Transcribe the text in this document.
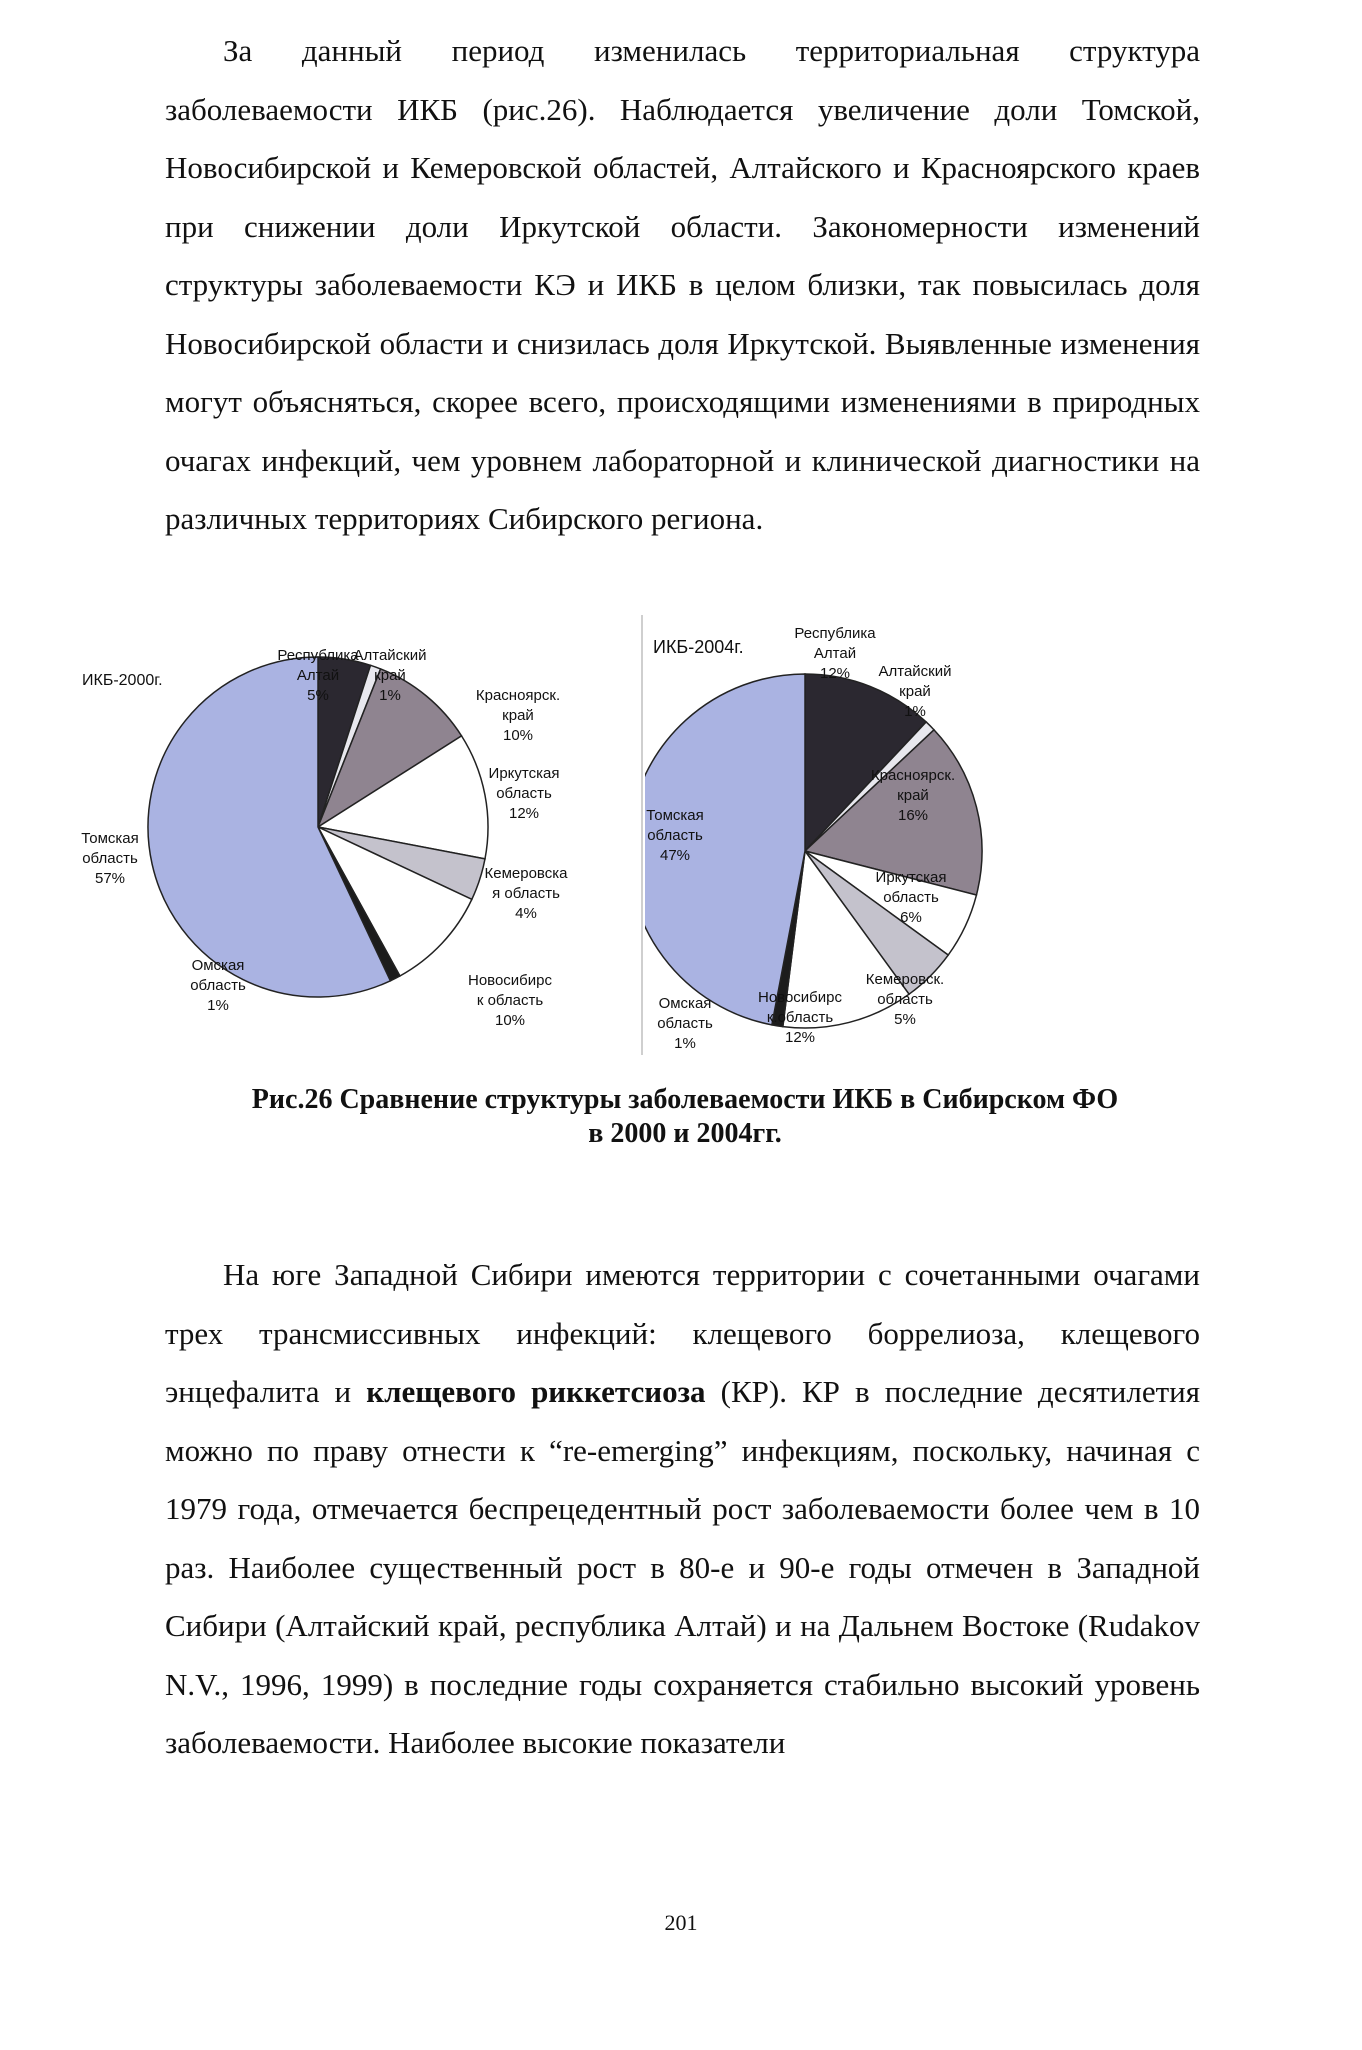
За данный период изменилась территориальная структура заболеваемости ИКБ (рис.26). Наблюдается увеличение доли Томской, Новосибирской и Кемеровской областей, Алтайского и Красноярского краев при снижении доли Иркутской области. Закономерности изменений структуры заболеваемости КЭ и ИКБ в целом близки, так повысилась доля Новосибирской области и снизилась доля Иркутской. Выявленные изменения могут объясняться, скорее всего, происходящими изменениями в природных очагах инфекций, чем уровнем лабораторной и клинической диагностики на различных территориях Сибирского региона.

ИКБ-2000г.
Республика Алтай 5%
Алтайский край 1%	Красноярск. край 10%
Иркутская область 12%
Кемеровска я область 4%
Новосибирс к область 10%
Омская область 1%
Томская область 57%
ИКБ-2004г.
Республика Алтай 12%	Алтайский край 1%
Красноярск. край 16%
Иркутская область 6%
Кемеровск. область 5%
Новосибирс к.область 12%
Омская область 1%
Томская область 47%
Рис.26 Сравнение структуры заболеваемости ИКБ в Сибирском ФО
в 2000 и 2004гг.

На юге Западной Сибири имеются территории с сочетанными очагами трех трансмиссивных инфекций: клещевого боррелиоза, клещевого энцефалита и клещевого риккетсиоза (КР). КР в последние десятилетия можно по праву отнести к “re-emerging” инфекциям, поскольку, начиная с 1979 года, отмечается беспрецедентный рост заболеваемости более чем в 10 раз. Наиболее существенный рост в 80-е и 90-е годы отмечен в Западной Сибири (Алтайский край, республика Алтай) и на Дальнем Востоке (Rudakov N.V., 1996, 1999) в последние годы сохраняется стабильно высокий уровень заболеваемости. Наиболее высокие показатели

201
